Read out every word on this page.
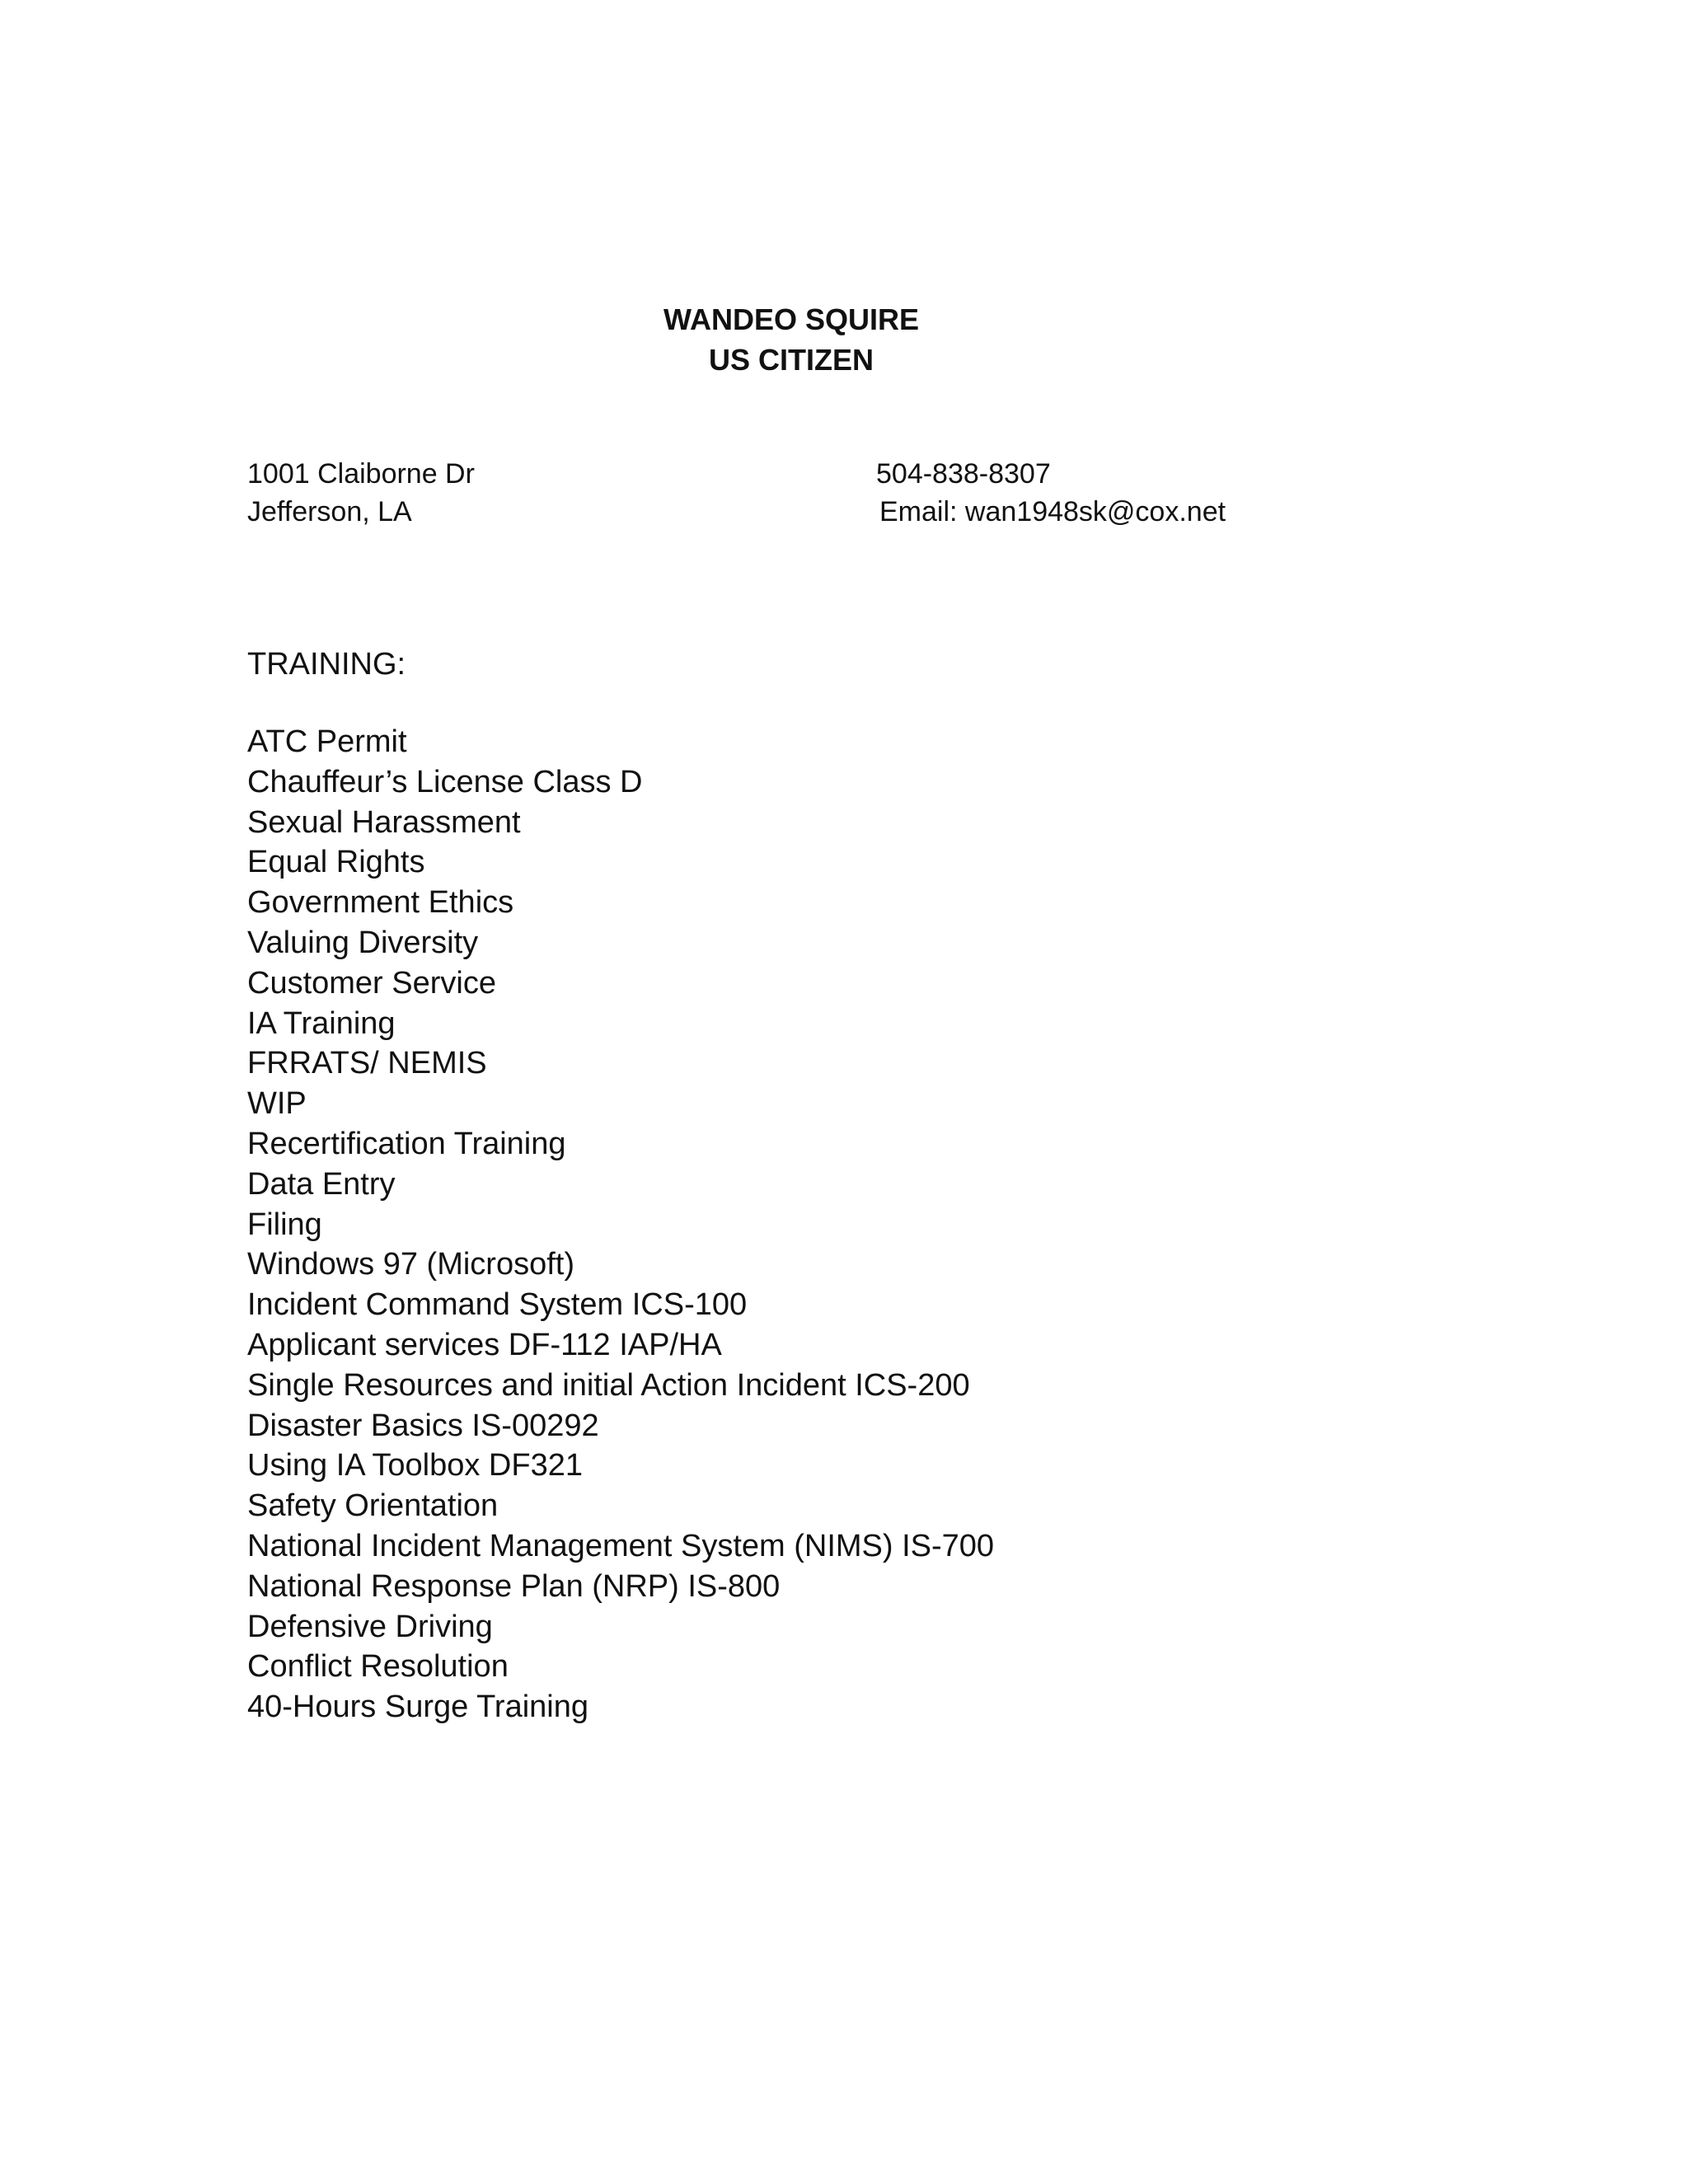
WANDEO SQUIRE
US CITIZEN
1001 Claiborne Dr
Jefferson, LA
504-838-8307
Email: wan1948sk@cox.net
TRAINING:
ATC Permit
Chauffeur’s License Class D
Sexual Harassment
Equal Rights
Government Ethics
Valuing Diversity
Customer Service
IA Training
FRRATS/ NEMIS
WIP
Recertification Training
Data Entry
Filing
Windows 97 (Microsoft)
Incident Command System ICS-100
Applicant services DF-112 IAP/HA
Single Resources and initial Action Incident ICS-200
Disaster Basics IS-00292
Using IA Toolbox DF321
Safety Orientation
National Incident Management System (NIMS) IS-700
National Response Plan (NRP) IS-800
Defensive Driving
Conflict Resolution
40-Hours Surge Training
